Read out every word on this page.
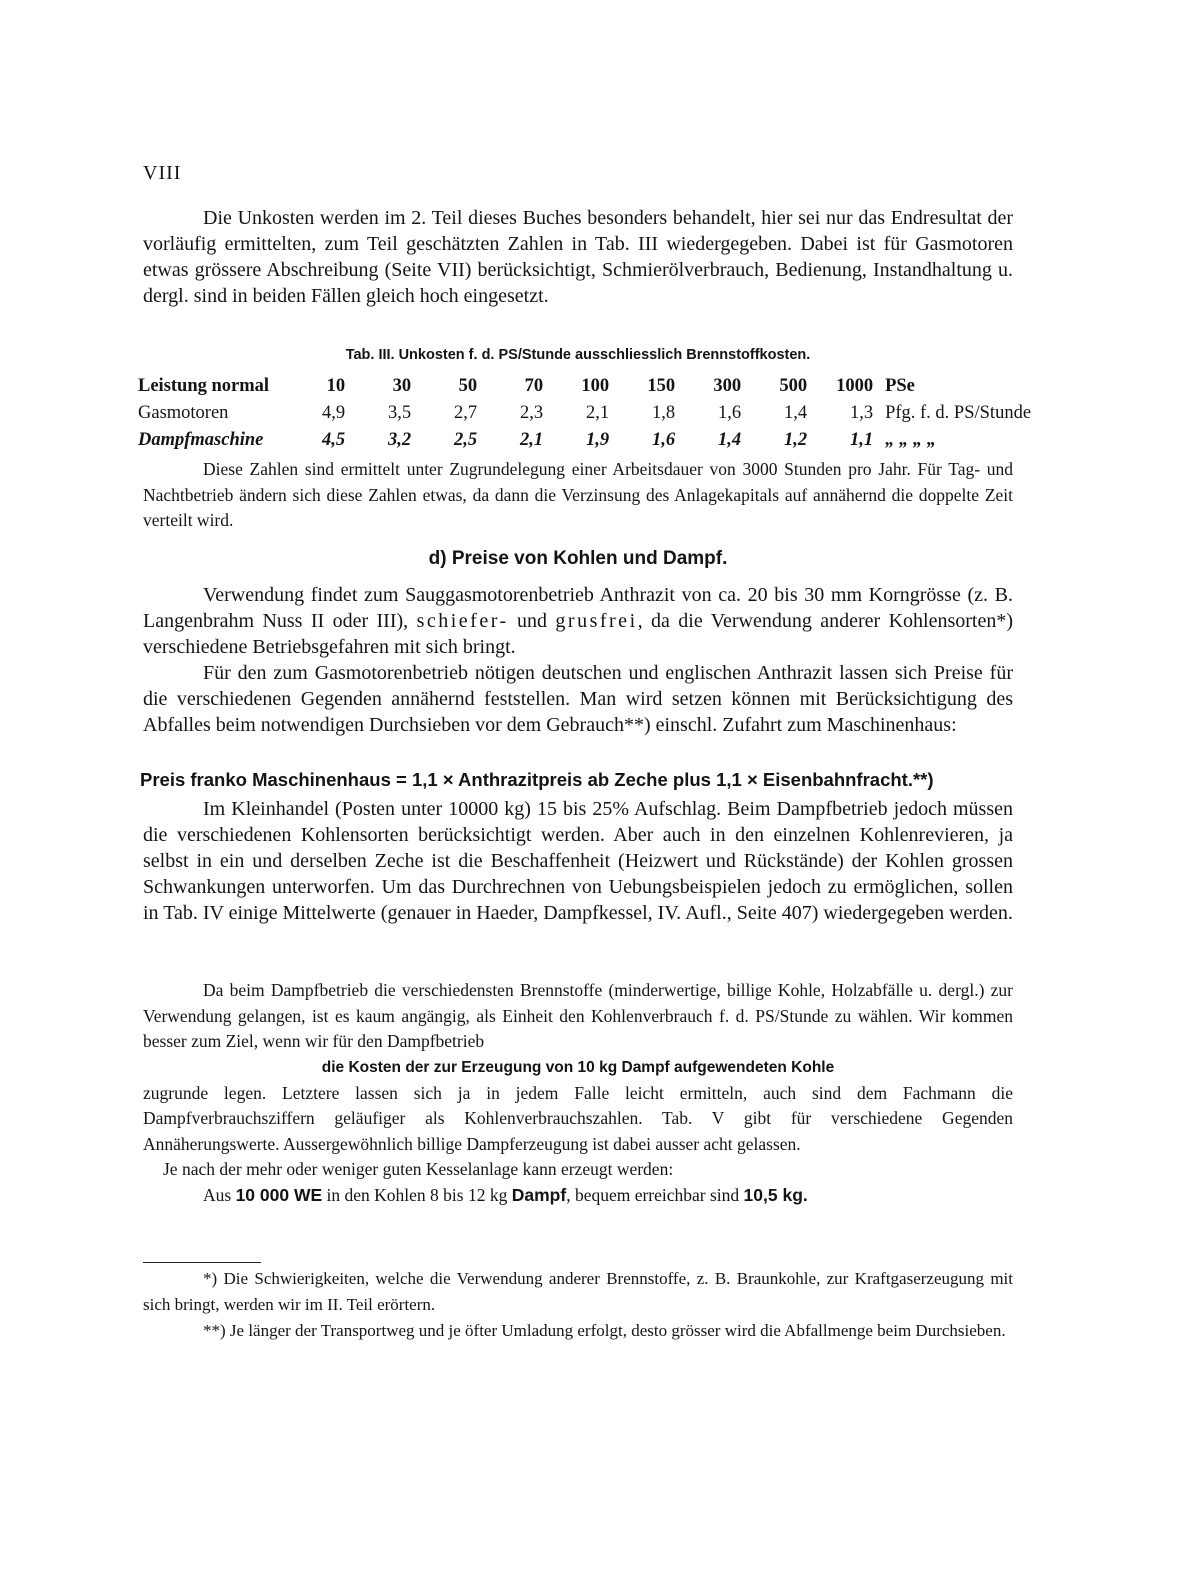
VIII

Die Unkosten werden im 2. Teil dieses Buches besonders behandelt, hier sei nur das Endresultat der vorläufig ermittelten, zum Teil geschätzten Zahlen in Tab. III wiedergegeben. Dabei ist für Gasmotoren etwas grössere Abschreibung (Seite VII) berücksichtigt, Schmierölverbrauch, Bedienung, Instandhaltung u. dergl. sind in beiden Fällen gleich hoch eingesetzt.

Tab. III. Unkosten f. d. PS/Stunde ausschliesslich Brennstoffkosten.
Leistung normal	10	30	50	70	100	150	300	500	1000	PSe
Gasmotoren	4,9	3,5	2,7	2,3	2,1	1,8	1,6	1,4	1,3	Pfg. f. d. PS/Stunde
Dampfmaschine	4,5	3,2	2,5	2,1	1,9	1,6	1,4	1,2	1,1	„ „ „ „

Diese Zahlen sind ermittelt unter Zugrundelegung einer Arbeitsdauer von 3000 Stunden pro Jahr. Für Tag- und Nachtbetrieb ändern sich diese Zahlen etwas, da dann die Verzinsung des Anlagekapitals auf annähernd die doppelte Zeit verteilt wird.

d) Preise von Kohlen und Dampf.

Verwendung findet zum Sauggasmotorenbetrieb Anthrazit von ca. 20 bis 30 mm Korngrösse (z. B. Langenbrahm Nuss II oder III), schiefer- und grusfrei, da die Verwendung anderer Kohlensorten*) verschiedene Betriebsgefahren mit sich bringt.

Für den zum Gasmotorenbetrieb nötigen deutschen und englischen Anthrazit lassen sich Preise für die verschiedenen Gegenden annähernd feststellen. Man wird setzen können mit Berücksichtigung des Abfalles beim notwendigen Durchsieben vor dem Gebrauch**) einschl. Zufahrt zum Maschinenhaus:

Preis franko Maschinenhaus = 1,1 × Anthrazitpreis ab Zeche plus 1,1 × Eisenbahnfracht.**)

Im Kleinhandel (Posten unter 10000 kg) 15 bis 25% Aufschlag. Beim Dampfbetrieb jedoch müssen die verschiedenen Kohlensorten berücksichtigt werden. Aber auch in den einzelnen Kohlenrevieren, ja selbst in ein und derselben Zeche ist die Beschaffenheit (Heizwert und Rückstände) der Kohlen grossen Schwankungen unterworfen. Um das Durchrechnen von Uebungsbeispielen jedoch zu ermöglichen, sollen in Tab. IV einige Mittelwerte (genauer in Haeder, Dampfkessel, IV. Aufl., Seite 407) wiedergegeben werden.

Da beim Dampfbetrieb die verschiedensten Brennstoffe (minderwertige, billige Kohle, Holzabfälle u. dergl.) zur Verwendung gelangen, ist es kaum angängig, als Einheit den Kohlenverbrauch f. d. PS/Stunde zu wählen. Wir kommen besser zum Ziel, wenn wir für den Dampfbetrieb

die Kosten der zur Erzeugung von 10 kg Dampf aufgewendeten Kohle

zugrunde legen. Letztere lassen sich ja in jedem Falle leicht ermitteln, auch sind dem Fachmann die Dampfverbrauchsziffern geläufiger als Kohlenverbrauchszahlen. Tab. V gibt für verschiedene Gegenden Annäherungswerte. Aussergewöhnlich billige Dampferzeugung ist dabei ausser acht gelassen.

Je nach der mehr oder weniger guten Kesselanlage kann erzeugt werden:

Aus 10 000 WE in den Kohlen 8 bis 12 kg Dampf, bequem erreichbar sind 10,5 kg.

*) Die Schwierigkeiten, welche die Verwendung anderer Brennstoffe, z. B. Braunkohle, zur Kraftgaserzeugung mit sich bringt, werden wir im II. Teil erörtern.

**) Je länger der Transportweg und je öfter Umladung erfolgt, desto grösser wird die Abfallmenge beim Durchsieben.
